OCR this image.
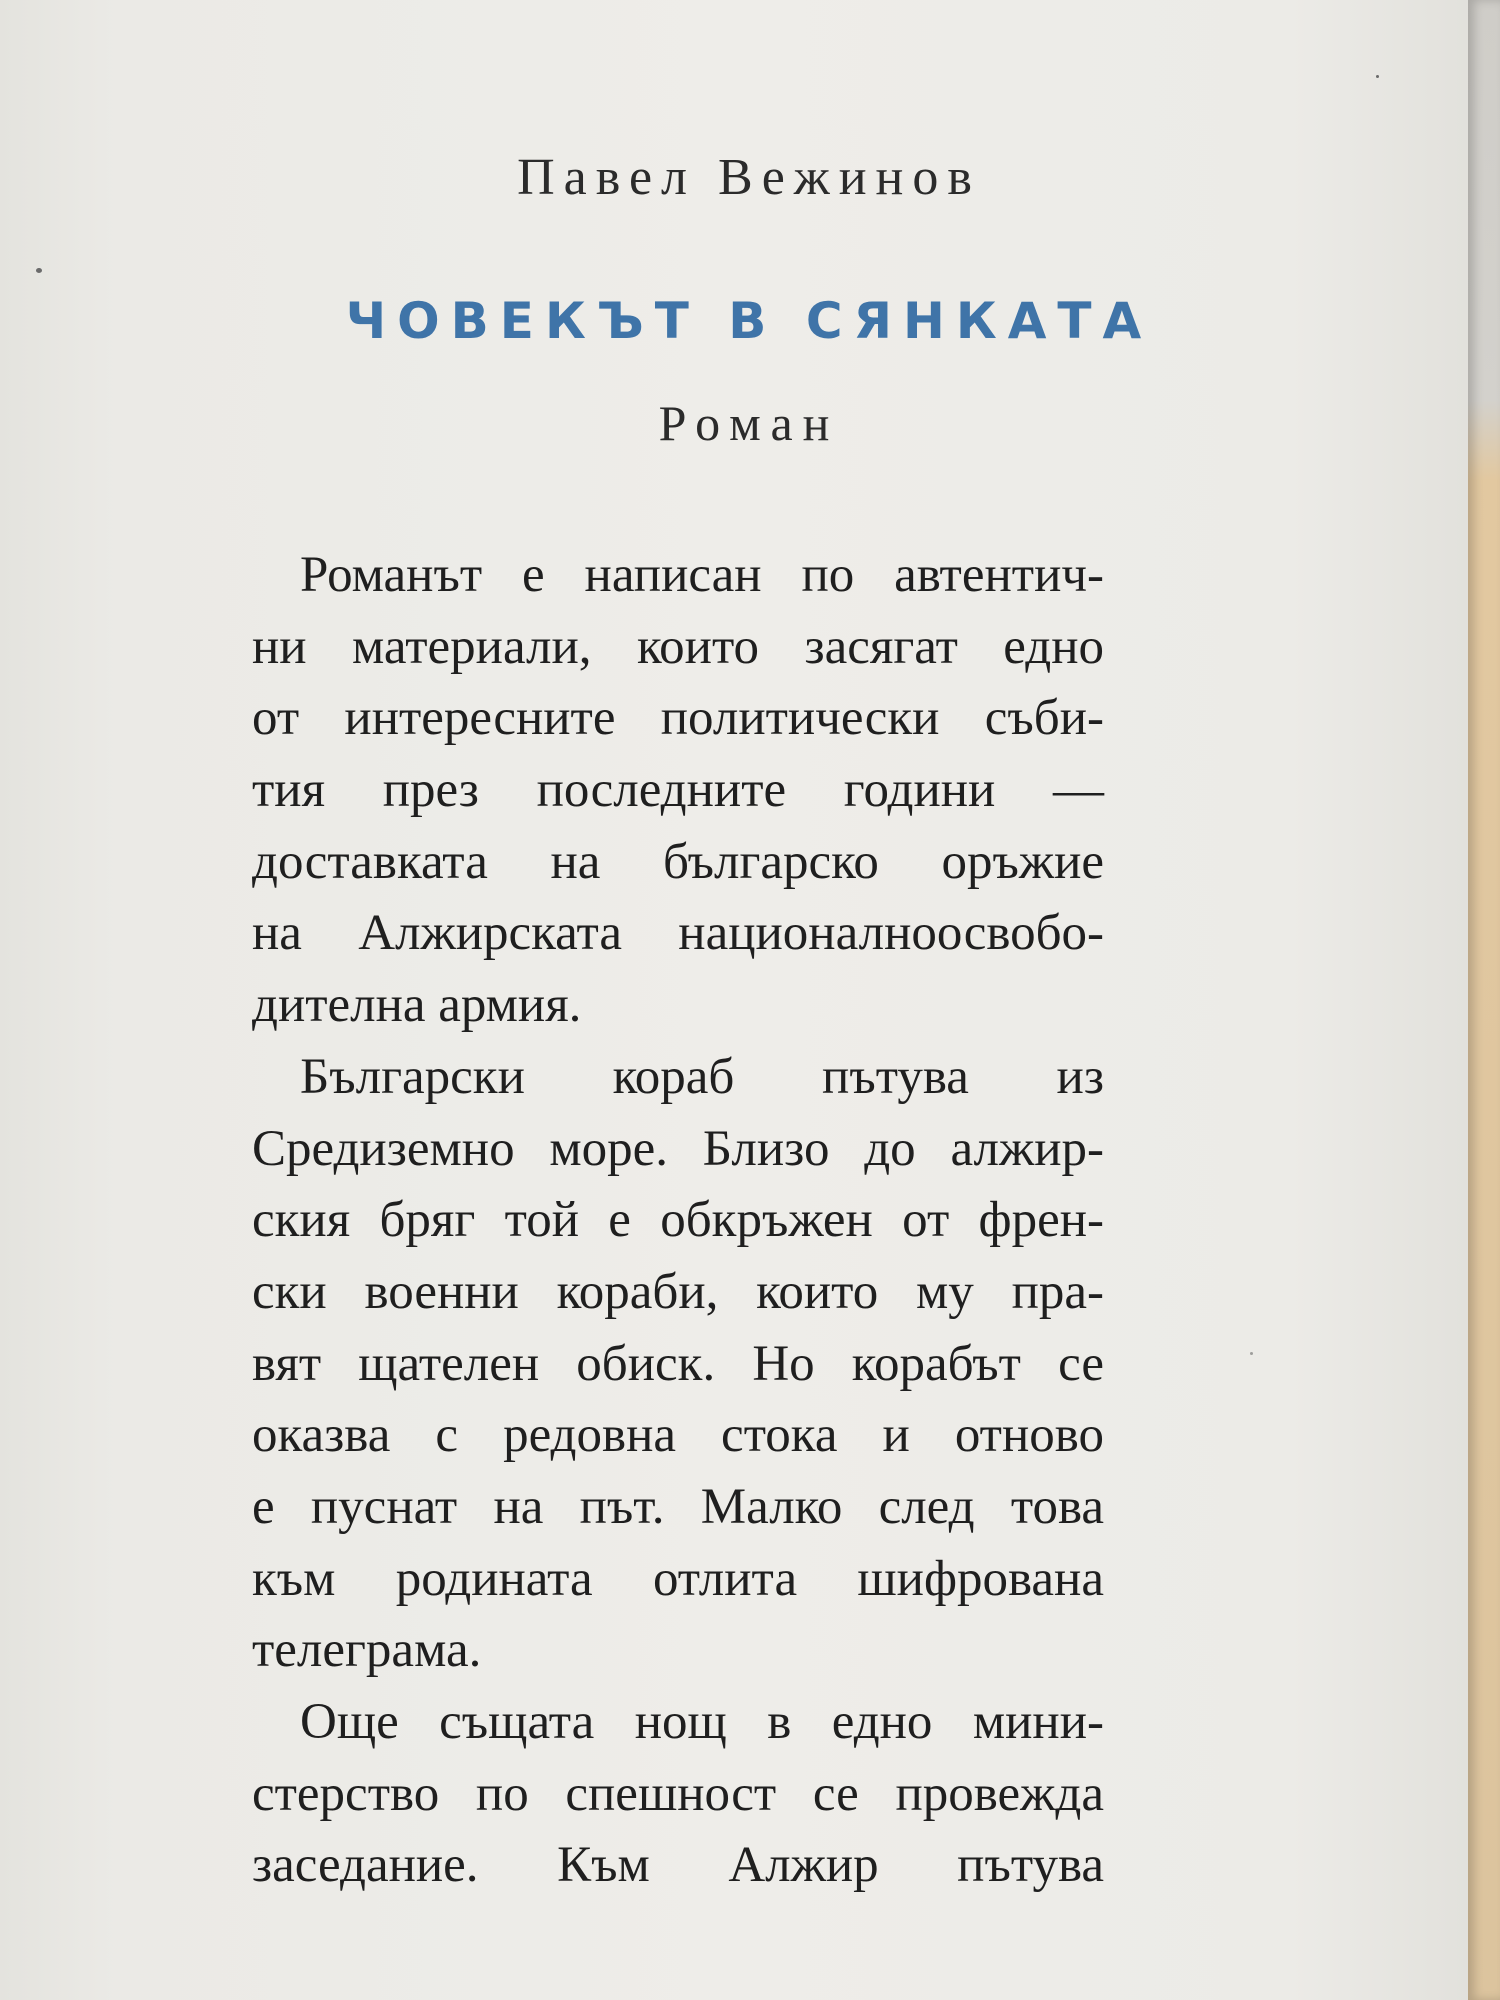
Павел Вежинов
ЧОВЕКЪТ В СЯНКАТА
Роман
Романът е написан по автентич-
ни материали, които засягат едно
от интересните политически съби-
тия през последните години —
доставката на българско оръжие
на Алжирската националноосвобо-
дителна армия.
Български кораб пътува из
Средиземно море. Близо до алжир-
ския бряг той е обкръжен от френ-
ски военни кораби, които му пра-
вят щателен обиск. Но корабът се
оказва с редовна стока и отново
е пуснат на път. Малко след това
към родината отлита шифрована
телеграма.
Още същата нощ в едно мини-
стерство по спешност се провежда
заседание. Към Алжир пътува
